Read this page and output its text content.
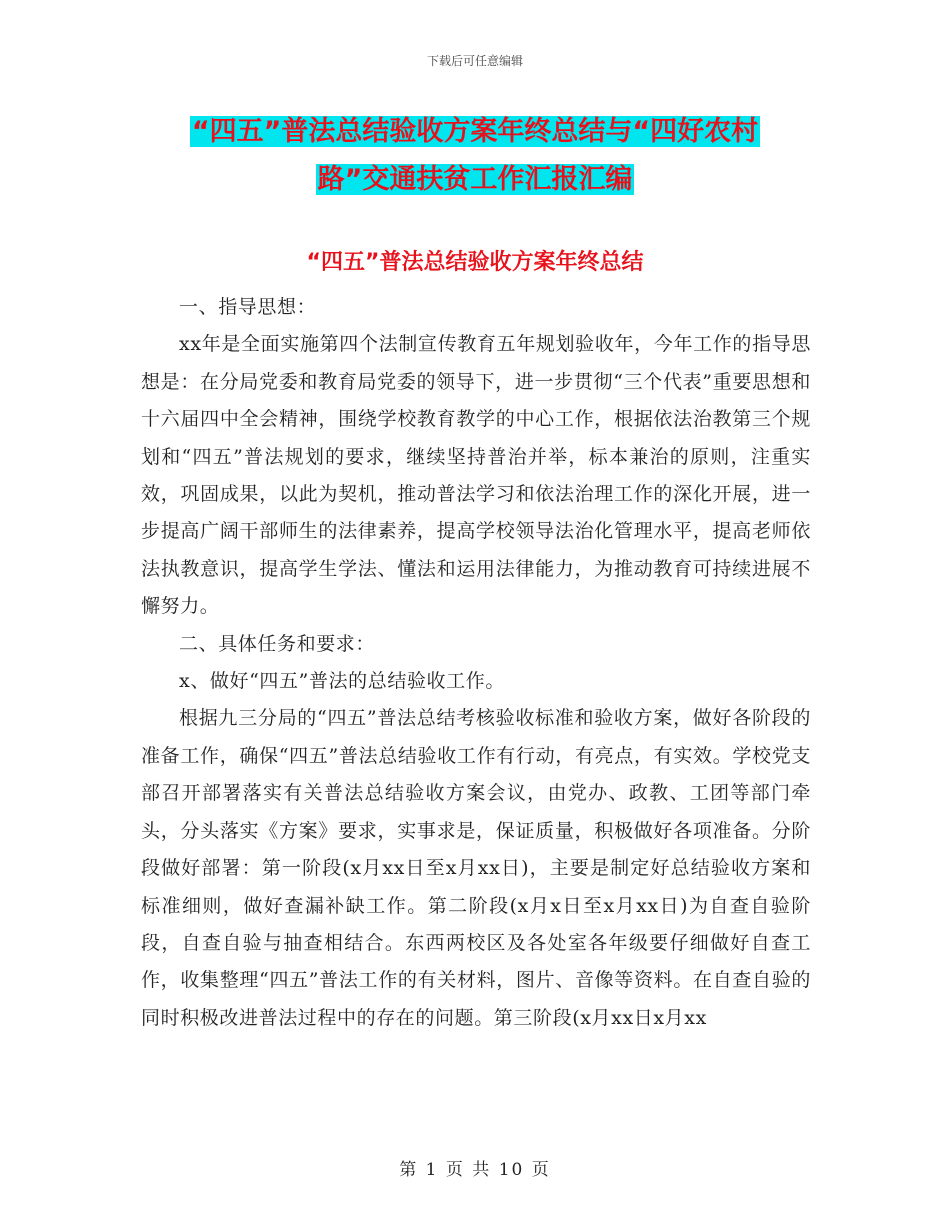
下载后可任意编辑
“四五”普法总结验收方案年终总结与“四好农村
路”交通扶贫工作汇报汇编
“四五”普法总结验收方案年终总结

一、指导思想：

xx年是全面实施第四个法制宣传教育五年规划验收年，今年工作的指导思想是：在分局党委和教育局党委的领导下，进一步贯彻“三个代表”重要思想和十六届四中全会精神，围绕学校教育教学的中心工作，根据依法治教第三个规划和“四五”普法规划的要求，继续坚持普治并举，标本兼治的原则，注重实效，巩固成果，以此为契机，推动普法学习和依法治理工作的深化开展，进一步提高广阔干部师生的法律素养，提高学校领导法治化管理水平，提高老师依法执教意识，提高学生学法、懂法和运用法律能力，为推动教育可持续进展不懈努力。

二、具体任务和要求：

x、做好“四五”普法的总结验收工作。

根据九三分局的“四五”普法总结考核验收标准和验收方案，做好各阶段的准备工作，确保“四五”普法总结验收工作有行动，有亮点，有实效。学校党支部召开部署落实有关普法总结验收方案会议，由党办、政教、工团等部门牵头，分头落实《方案》要求，实事求是，保证质量，积极做好各项准备。分阶段做好部署：第一阶段(x月xx日至x月xx日)，主要是制定好总结验收方案和标准细则，做好查漏补缺工作。第二阶段(x月x日至x月xx日)为自查自验阶段，自查自验与抽查相结合。东西两校区及各处室各年级要仔细做好自查工作，收集整理“四五”普法工作的有关材料，图片、音像等资料。在自查自验的同时积极改进普法过程中的存在的问题。第三阶段(x月xx日x月xx

第 1 页 共 10 页
